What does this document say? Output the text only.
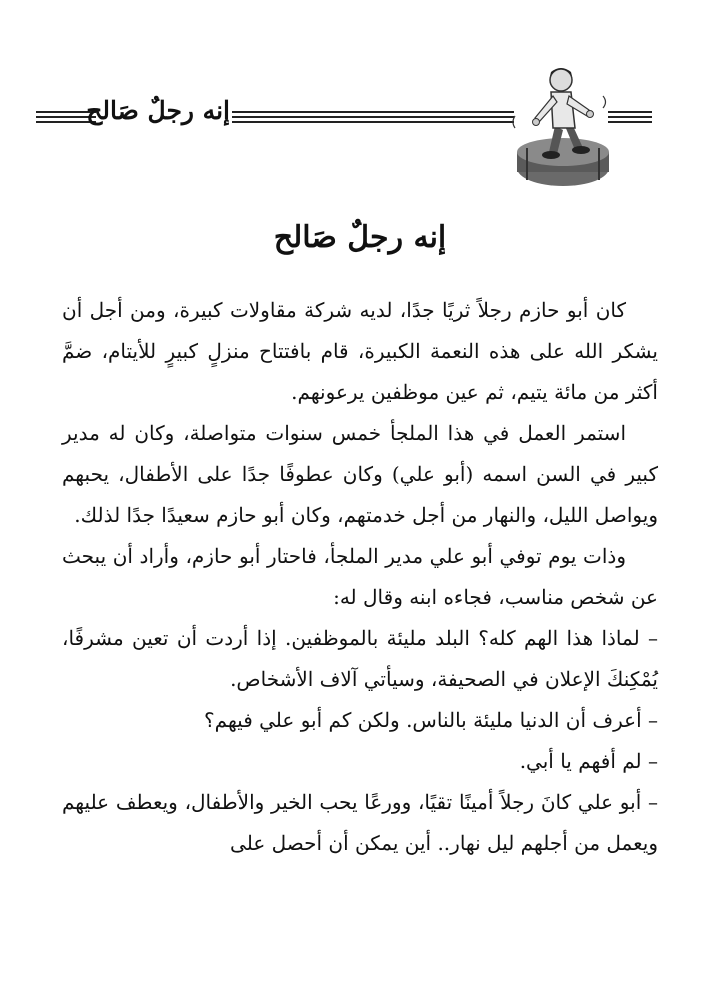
إنه رجلٌ صَالح
إنه رجلٌ صَالح

كان أبو حازم رجلاً ثريًا جدًا، لديه شركة مقاولات كبيرة، ومن أجل أن يشكر الله على هذه النعمة الكبيرة، قام بافتتاح منزلٍ كبيرٍ للأيتام، ضمَّ أكثر من مائة يتيم، ثم عين موظفين يرعونهم.

استمر العمل في هذا الملجأ خمس سنوات متواصلة، وكان له مدير كبير في السن اسمه (أبو علي) وكان عطوفًا جدًا على الأطفال، يحبهم ويواصل الليل، والنهار من أجل خدمتهم، وكان أبو حازم سعيدًا جدًا لذلك.

وذات يوم توفي أبو علي مدير الملجأ، فاحتار أبو حازم، وأراد أن يبحث عن شخص مناسب، فجاءه ابنه وقال له:

– لماذا هذا الهم كله؟ البلد مليئة بالموظفين. إذا أردت أن تعين مشرفًا، يُمْكِنكَ الإعلان في الصحيفة، وسيأتي آلاف الأشخاص.

– أعرف أن الدنيا مليئة بالناس. ولكن كم أبو علي فيهم؟

– لم أفهم يا أبي.

– أبو علي كانَ رجلاً أمينًا تقيًا، وورعًا يحب الخير والأطفال، ويعطف عليهم ويعمل من أجلهم ليل نهار.. أين يمكن أن أحصل على
